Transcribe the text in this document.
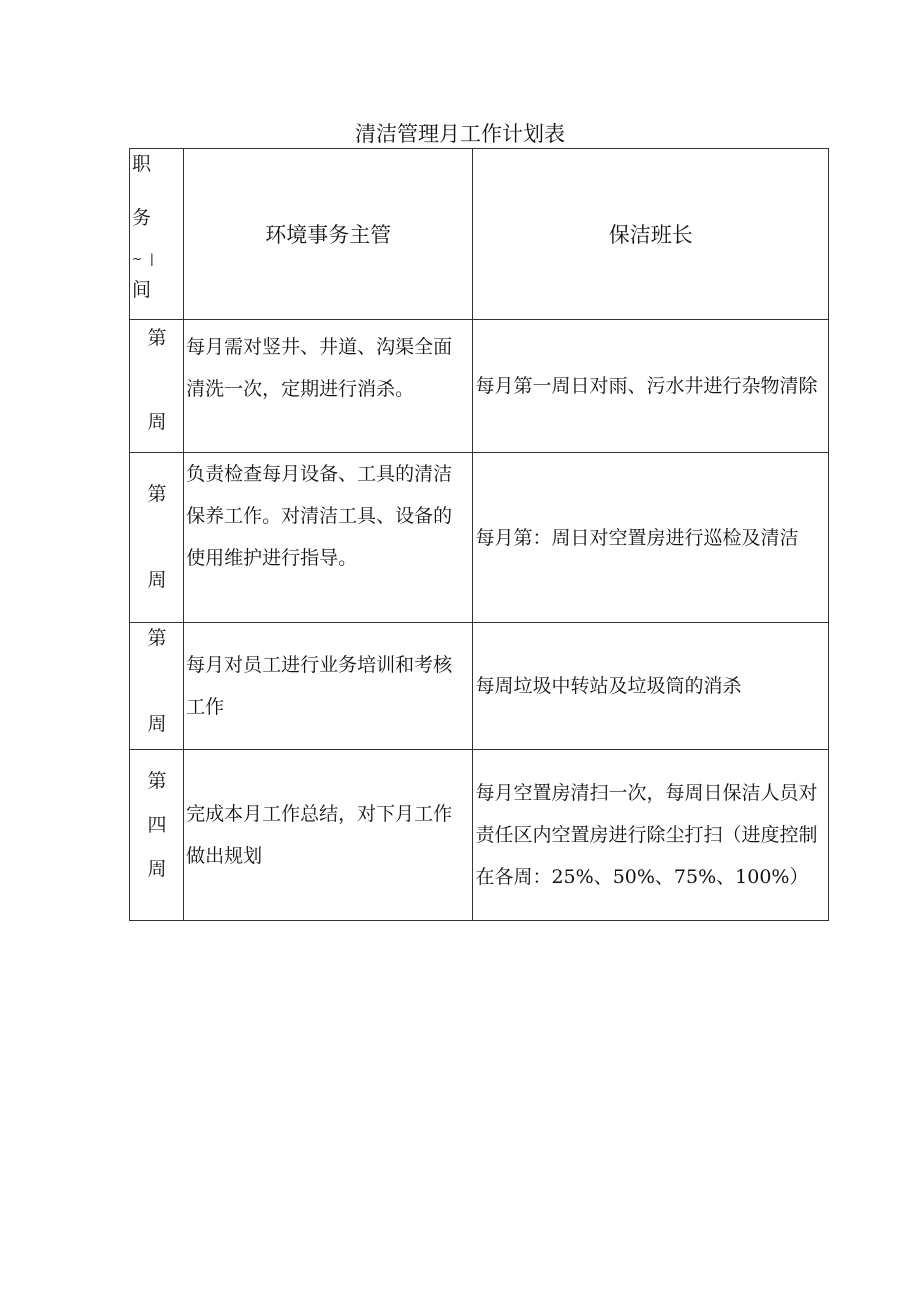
清洁管理月工作计划表
职
务
~ |
间	环境事务主管	保洁班长

第
周	每月需对竖井、井道、沟渠全面清洗一次，定期进行消杀。	每月第一周日对雨、污水井进行杂物清除

第
周	负责检查每月设备、工具的清洁保养工作。对清洁工具、设备的使用维护进行指导。	每月第：周日对空置房进行巡检及清洁

第
周	每月对员工进行业务培训和考核工作	每周垃圾中转站及垃圾筒的消杀

第
四
周	完成本月工作总结，对下月工作做出规划	每月空置房清扫一次，每周日保洁人员对责任区内空置房进行除尘打扫（进度控制在各周：25%、50%、75%、100%）
